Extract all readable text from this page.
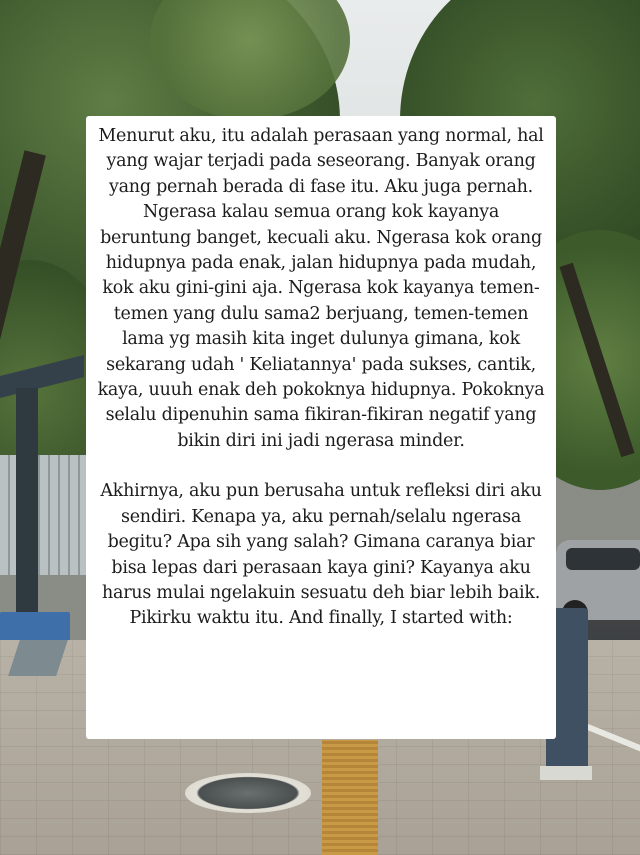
Menurut aku, itu adalah perasaan yang normal, hal yang wajar terjadi pada seseorang. Banyak orang yang pernah berada di fase itu. Aku juga pernah. Ngerasa kalau semua orang kok kayanya beruntung banget, kecuali aku. Ngerasa kok orang hidupnya pada enak, jalan hidupnya pada mudah, kok aku gini-gini aja. Ngerasa kok kayanya temen-temen yang dulu sama2 berjuang, temen-temen lama yg masih kita inget dulunya gimana, kok sekarang udah ' Keliatannya' pada sukses, cantik, kaya, uuuh enak deh pokoknya hidupnya. Pokoknya selalu dipenuhin sama fikiran-fikiran negatif yang bikin diri ini jadi ngerasa minder.

Akhirnya, aku pun berusaha untuk refleksi diri aku sendiri. Kenapa ya, aku pernah/selalu ngerasa begitu? Apa sih yang salah? Gimana caranya biar bisa lepas dari perasaan kaya gini? Kayanya aku harus mulai ngelakuin sesuatu deh biar lebih baik. Pikirku waktu itu. And finally, I started with:
